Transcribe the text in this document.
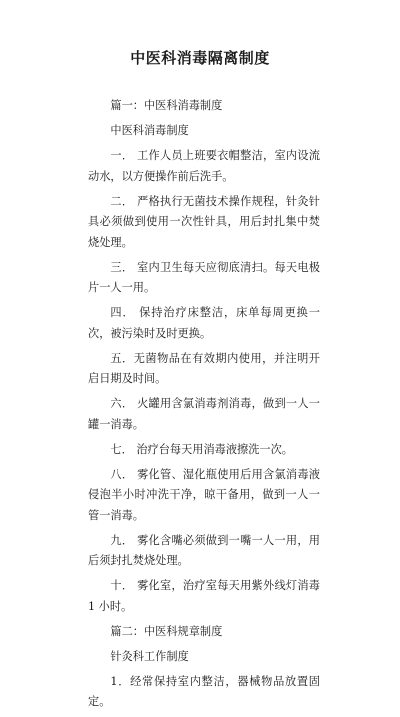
中医科消毒隔离制度

篇一：中医科消毒制度

中医科消毒制度

一． 工作人员上班要衣帽整洁，室内设流动水，以方便操作前后洗手。

二． 严格执行无菌技术操作规程，针灸针具必须做到使用一次性针具，用后封扎集中焚烧处理。

三． 室内卫生每天应彻底清扫。每天电极片一人一用。

四． 保持治疗床整洁，床单每周更换一次，被污染时及时更换。

五．无菌物品在有效期内使用，并注明开启日期及时间。

六． 火罐用含氯消毒剂消毒，做到一人一罐一消毒。

七． 治疗台每天用消毒液擦洗一次。

八． 雾化管、湿化瓶使用后用含氯消毒液侵泡半小时冲洗干净，晾干备用，做到一人一管一消毒。

九． 雾化含嘴必须做到一嘴一人一用，用后须封扎焚烧处理。

十． 雾化室，治疗室每天用紫外线灯消毒 1 小时。

篇二：中医科规章制度

针灸科工作制度

1．经常保持室内整洁，器械物品放置固定。
